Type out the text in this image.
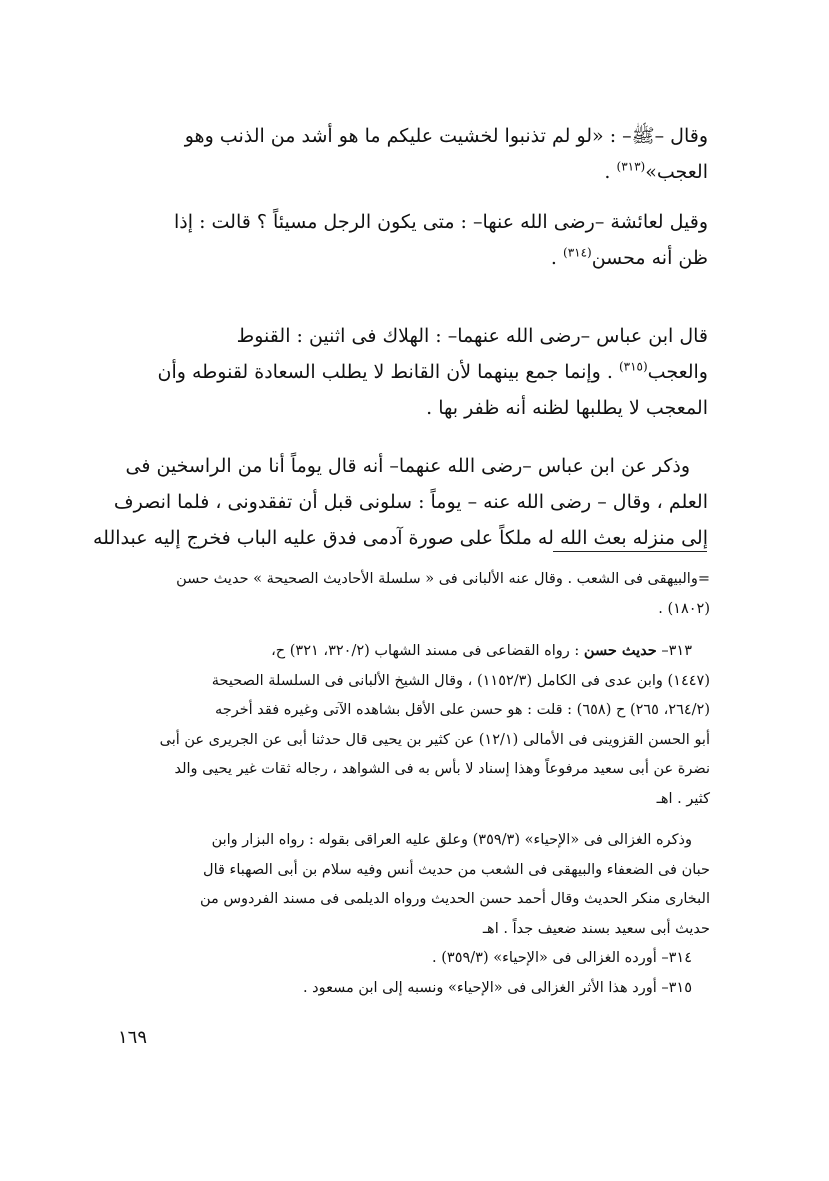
وقال –ﷺ– : «لو لم تذنبوا لخشيت عليكم ما هو أشد من الذنب وهو
العجب»$^{(٣١٣)}$ .

وقيل لعائشة –رضى الله عنها– : متى يكون الرجل مسيئاً ؟ قالت : إذا
ظن أنه محسن$^{(٣١٤)}$ .

قال ابن عباس –رضى الله عنهما– : الهلاك فى اثنين : القنوط
والعجب$^{(٣١٥)}$ . وإنما جمع بينهما لأن القانط لا يطلب السعادة لقنوطه وأن
المعجب لا يطلبها لظنه أنه ظفر بها .

وذكر عن ابن عباس –رضى الله عنهما– أنه قال يوماً أنا من الراسخين فى
العلم ، وقال – رضى الله عنه – يوماً : سلونى قبل أن تفقدونى ، فلما انصرف
إلى منزله بعث الله له ملكاً على صورة آدمى فدق عليه الباب فخرج إليه عبدالله

=والبيهقى فى الشعب . وقال عنه الألبانى فى « سلسلة الأحاديث الصحيحة » حديث حسن
(١٨٠٢) .
٣١٣– حديث حسن : رواه القضاعى فى مسند الشهاب (٣٢٠/٢، ٣٢١) ح،
(١٤٤٧) وابن عدى فى الكامل (١١٥٢/٣) ، وقال الشيخ الألبانى فى السلسلة الصحيحة
(٢٦٤/٢، ٢٦٥) ح (٦٥٨) : قلت : هو حسن على الأقل بشاهده الآتى وغيره فقد أخرجه
أبو الحسن القزوينى فى الأمالى (١٢/١) عن كثير بن يحيى قال حدثنا أبى عن الجريرى عن أبى
نضرة عن أبى سعيد مرفوعاً وهذا إسناد لا بأس به فى الشواهد ، رجاله ثقات غير يحيى والد
كثير . اهـ
وذكره الغزالى فى «الإحياء» (٣٥٩/٣) وعلق عليه العراقى بقوله : رواه البزار وابن
حبان فى الضعفاء والبيهقى فى الشعب من حديث أنس وفيه سلام بن أبى الصهباء قال
البخارى منكر الحديث وقال أحمد حسن الحديث ورواه الديلمى فى مسند الفردوس من
حديث أبى سعيد بسند ضعيف جداً . اهـ
٣١٤– أورده الغزالى فى «الإحياء» (٣٥٩/٣) .
٣١٥– أورد هذا الأثر الغزالى فى «الإحياء» ونسبه إلى ابن مسعود .
١٦٩
